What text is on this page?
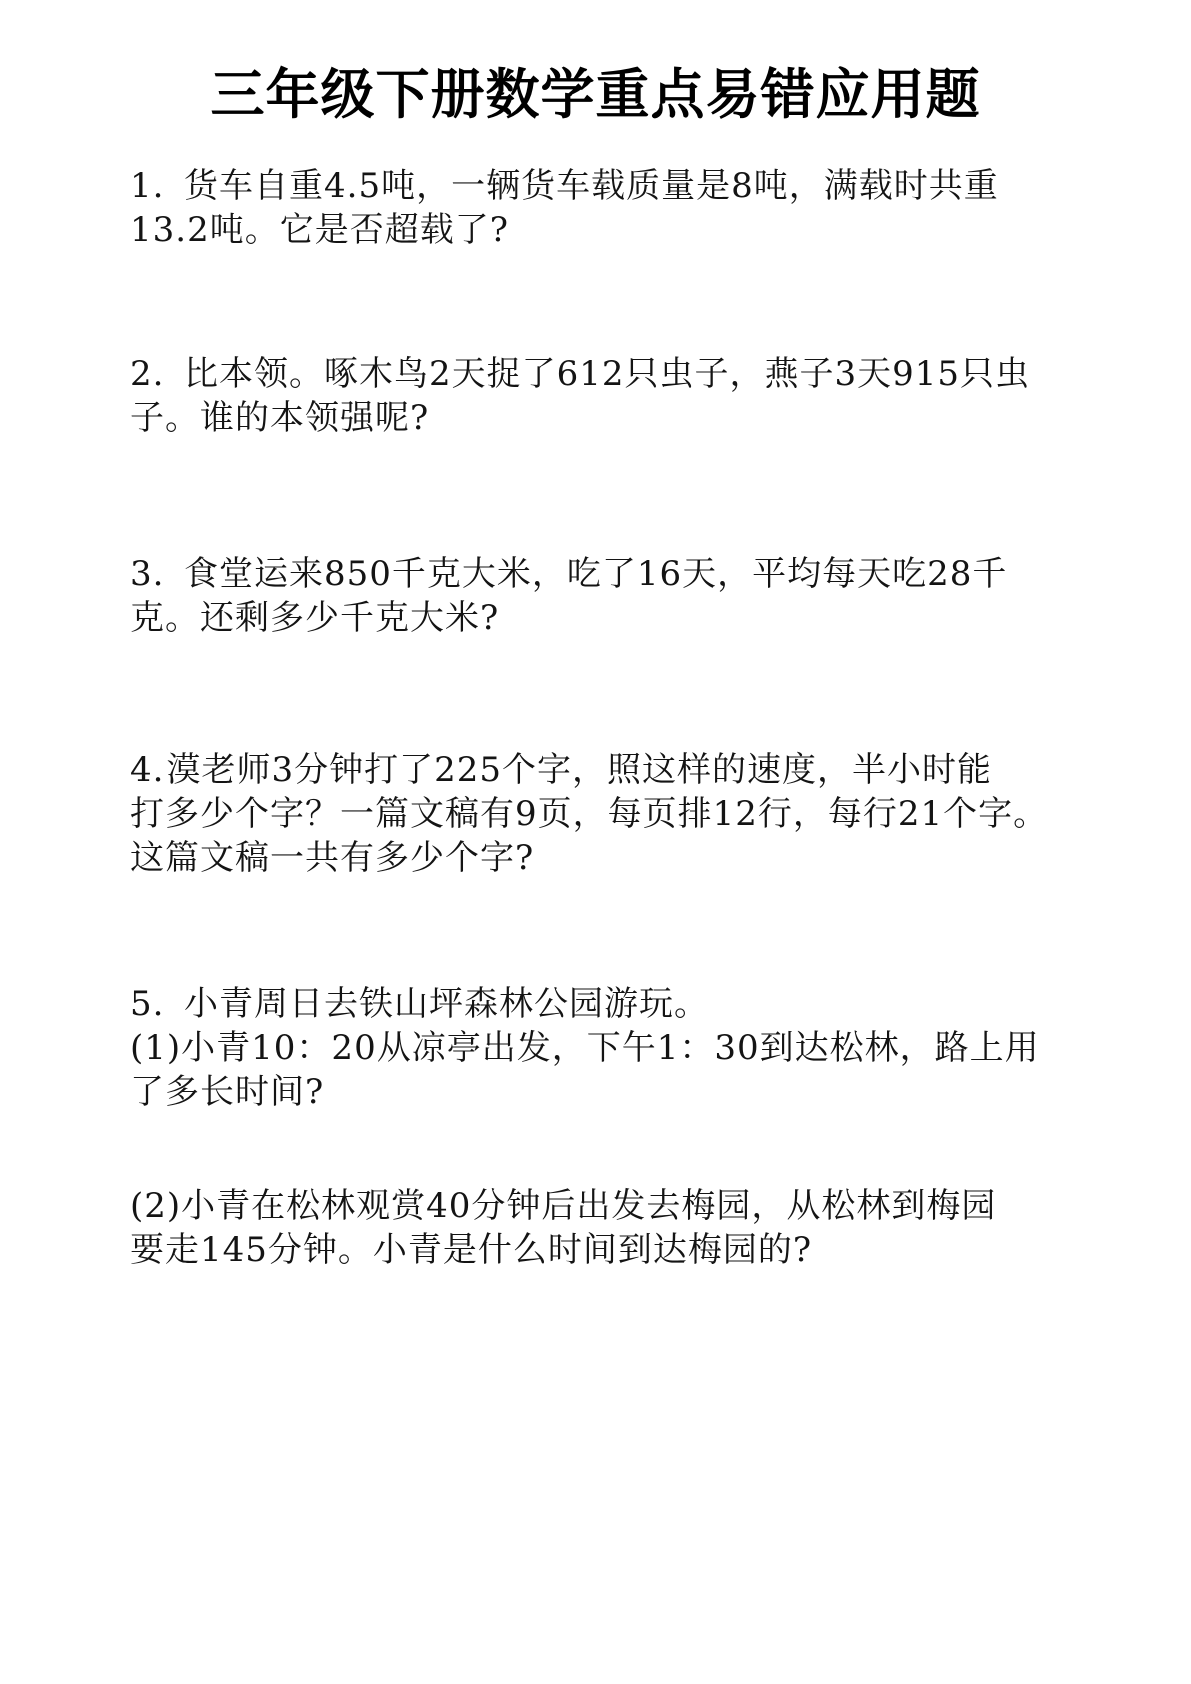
三年级下册数学重点易错应用题
1. 货车自重4.5吨，一辆货车载质量是8吨，满载时共重
13.2吨。它是否超载了?
2. 比本领。啄木鸟2天捉了612只虫子，燕子3天915只虫
子。谁的本领强呢?
3. 食堂运来850千克大米，吃了16天，平均每天吃28千
克。还剩多少千克大米?
4.漠老师3分钟打了225个字，照这样的速度，半小时能
打多少个字？一篇文稿有9页，每页排12行，每行21个字。
这篇文稿一共有多少个字?
5. 小青周日去铁山坪森林公园游玩。
(1)小青10：20从凉亭出发，下午1：30到达松林，路上用
了多长时间?
(2)小青在松林观赏40分钟后出发去梅园，从松林到梅园
要走145分钟。小青是什么时间到达梅园的?
